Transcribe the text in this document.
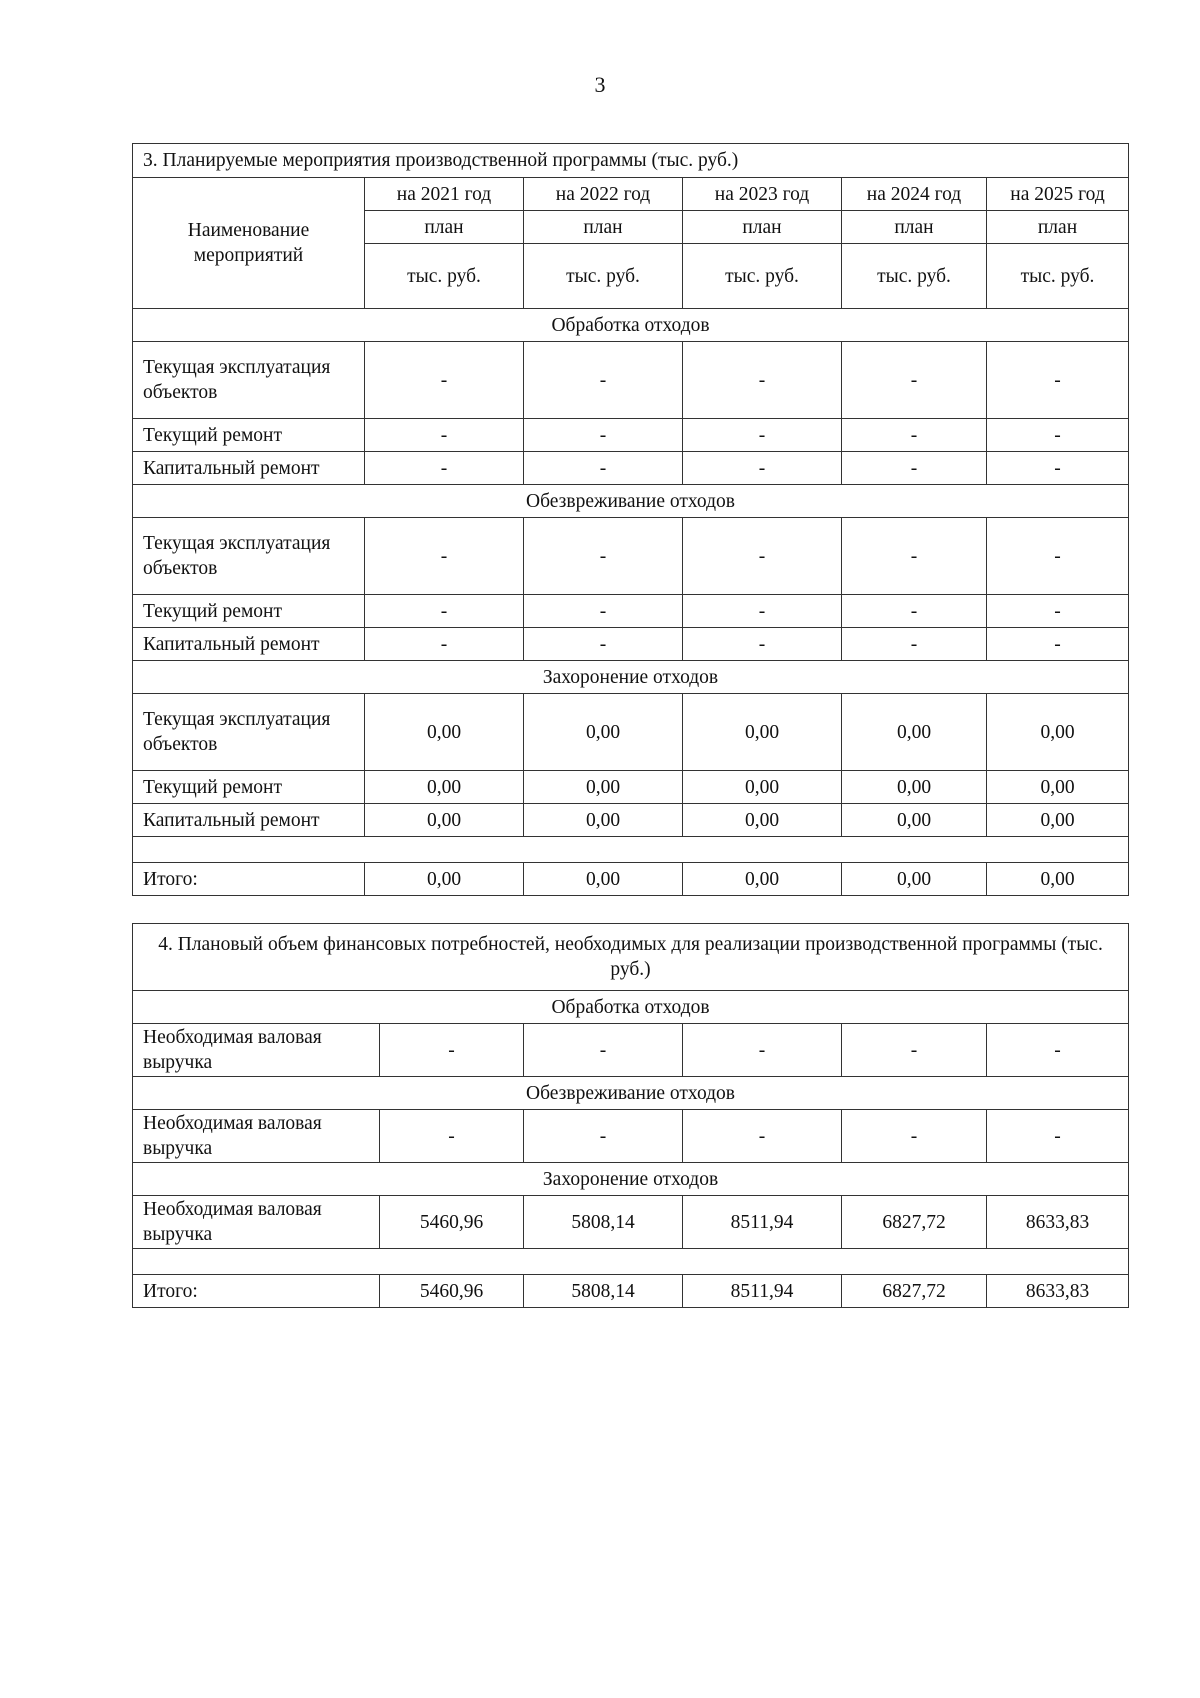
3
3. Планируемые мероприятия производственной программы (тыс. руб.)					
Наименование мероприятий	на 2021 год	на 2022 год	на 2023 год	на 2024 год	на 2025 год
	план	план	план	план	план
	тыс. руб.	тыс. руб.	тыс. руб.	тыс. руб.	тыс. руб.
Обработка отходов					
Текущая эксплуатация объектов	-	-	-	-	-
Текущий ремонт	-	-	-	-	-
Капитальный ремонт	-	-	-	-	-
Обезвреживание отходов					
Текущая эксплуатация объектов	-	-	-	-	-
Текущий ремонт	-	-	-	-	-
Капитальный ремонт	-	-	-	-	-
Захоронение отходов					
Текущая эксплуатация объектов	0,00	0,00	0,00	0,00	0,00
Текущий ремонт	0,00	0,00	0,00	0,00	0,00
Капитальный ремонт	0,00	0,00	0,00	0,00	0,00

Итого:	0,00	0,00	0,00	0,00	0,00
4. Плановый объем финансовых потребностей, необходимых для реализации производственной программы (тыс. руб.)					
Обработка отходов					
Необходимая валовая выручка	-	-	-	-	-
Обезвреживание отходов					
Необходимая валовая выручка	-	-	-	-	-
Захоронение отходов					
Необходимая валовая выручка	5460,96	5808,14	8511,94	6827,72	8633,83

Итого:	5460,96	5808,14	8511,94	6827,72	8633,83
